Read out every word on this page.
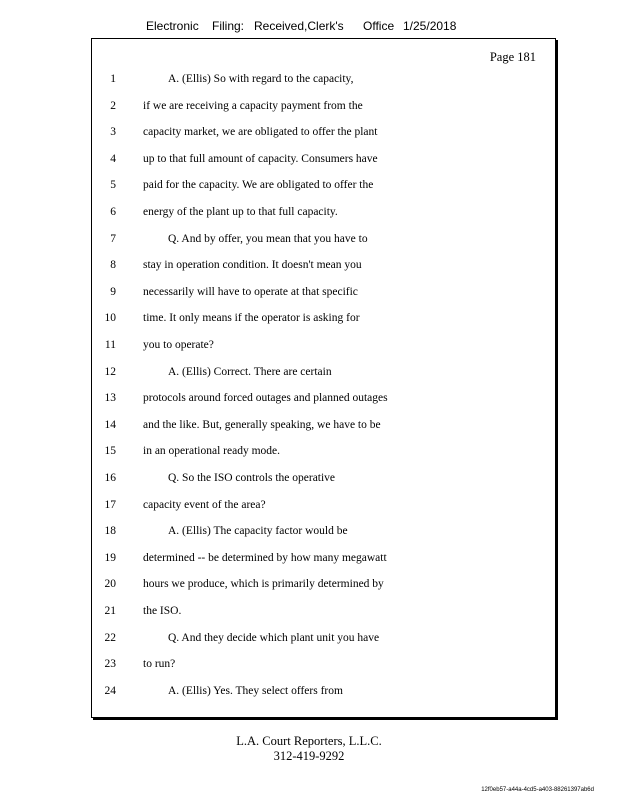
Electronic Filing: Received,Clerk's Office 1/25/2018
Page 181
1	A. (Ellis) So with regard to the capacity,
2 if we are receiving a capacity payment from the
3 capacity market, we are obligated to offer the plant
4 up to that full amount of capacity. Consumers have
5 paid for the capacity. We are obligated to offer the
6 energy of the plant up to that full capacity.
7	Q. And by offer, you mean that you have to
8 stay in operation condition. It doesn't mean you
9 necessarily will have to operate at that specific
10 time. It only means if the operator is asking for
11 you to operate?
12	A. (Ellis) Correct. There are certain
13 protocols around forced outages and planned outages
14 and the like. But, generally speaking, we have to be
15 in an operational ready mode.
16	Q. So the ISO controls the operative
17 capacity event of the area?
18	A. (Ellis) The capacity factor would be
19 determined -- be determined by how many megawatt
20 hours we produce, which is primarily determined by
21 the ISO.
22	Q. And they decide which plant unit you have
23 to run?
24	A. (Ellis) Yes. They select offers from
L.A. Court Reporters, L.L.C.
312-419-9292
12f0eb57-a44a-4cd5-a403-88261397ab6d
